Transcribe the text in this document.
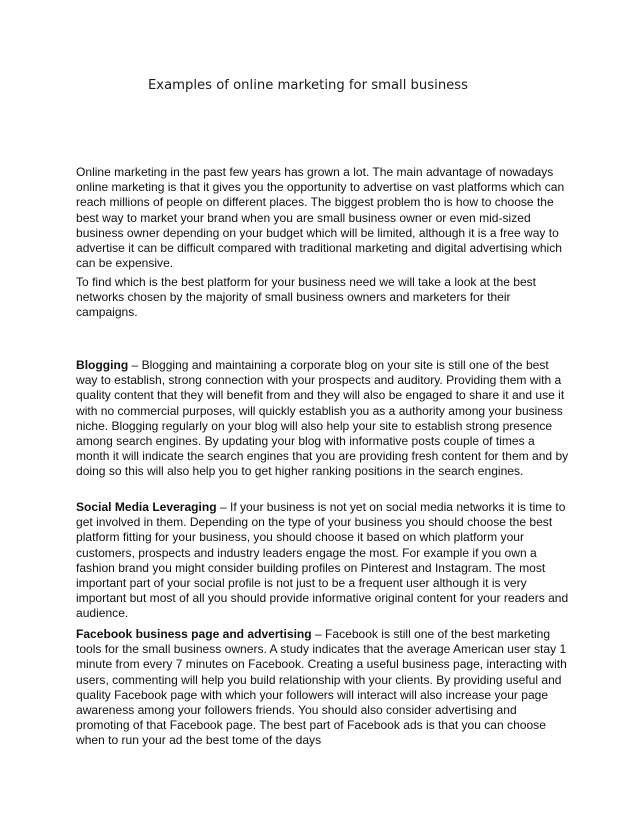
Examples of online marketing for small business

Online marketing in the past few years has grown a lot. The main advantage of nowadays online marketing is that it gives you the opportunity to advertise on vast platforms which can reach millions of people on different places. The biggest problem tho is how to choose the best way to market your brand when you are small business owner or even mid-sized business owner depending on your budget which will be limited, although it is a free way to advertise it can be difficult compared with traditional marketing and digital advertising which can be expensive.

To find which is the best platform for your business need we will take a look at the best networks chosen by the majority of small business owners and marketers for their campaigns.

Blogging – Blogging and maintaining a corporate blog on your site is still one of the best way to establish, strong connection with your prospects and auditory. Providing them with a quality content that they will benefit from and they will also be engaged to share it and use it with no commercial purposes, will quickly establish you as a authority among your business niche. Blogging regularly on your blog will also help your site to establish strong presence among search engines. By updating your blog with informative posts couple of times a month it will indicate the search engines that you are providing fresh content for them and by doing so this will also help you to get higher ranking positions in the search engines.

Social Media Leveraging – If your business is not yet on social media networks it is time to get involved in them. Depending on the type of your business you should choose the best platform fitting for your business, you should choose it based on which platform your customers, prospects and industry leaders engage the most. For example if you own a fashion brand you might consider building profiles on Pinterest and Instagram. The most important part of your social profile is not just to be a frequent user although it is very important but most of all you should provide informative original content for your readers and audience.

Facebook business page and advertising – Facebook is still one of the best marketing tools for the small business owners. A study indicates that the average American user stay 1 minute from every 7 minutes on Facebook. Creating a useful business page, interacting with users, commenting will help you build relationship with your clients. By providing useful and quality Facebook page with which your followers will interact will also increase your page awareness among your followers friends. You should also consider advertising and promoting of that Facebook page. The best part of Facebook ads is that you can choose when to run your ad the best tome of the days
